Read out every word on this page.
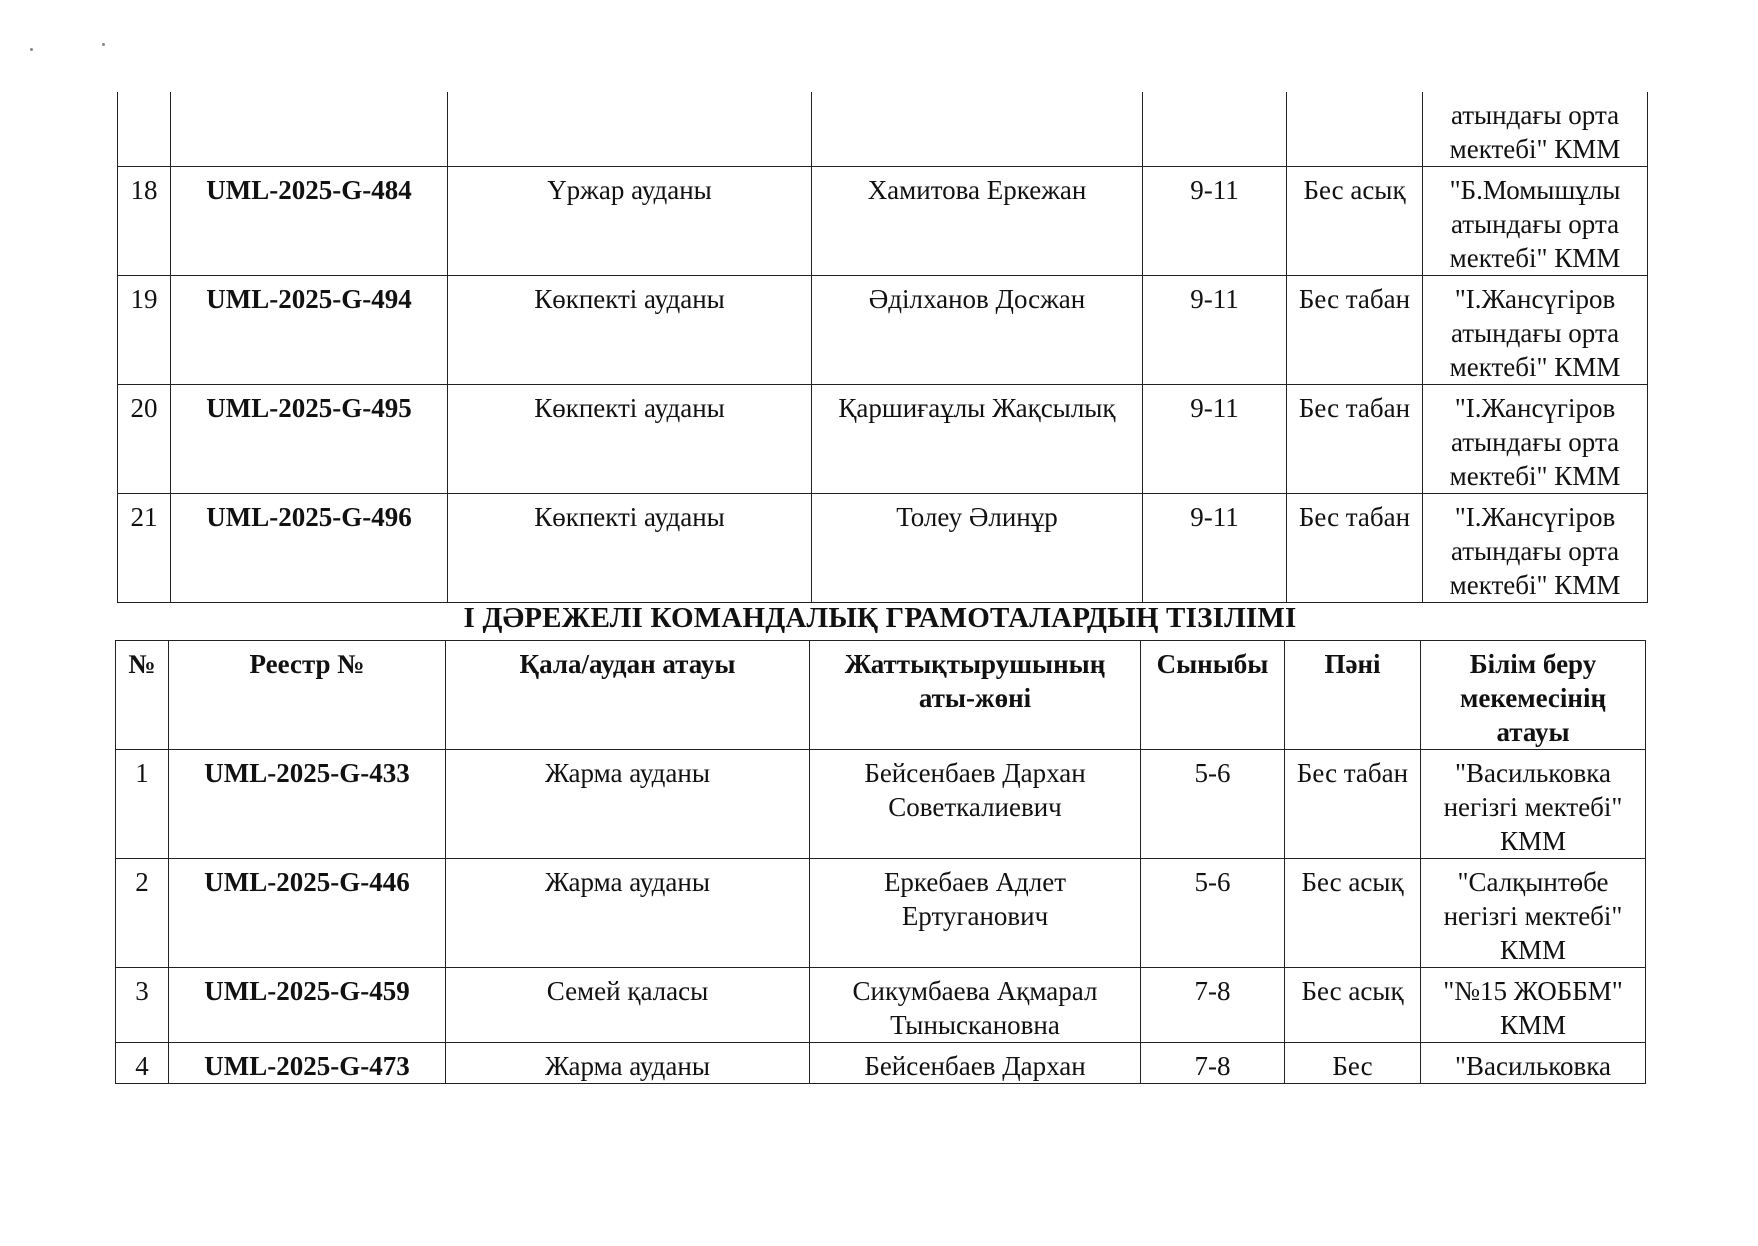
						атындағы орта мектебі" КММ
18	UML-2025-G-484	Үржар ауданы	Хамитова Еркежан	9-11	Бес асық	"Б.Момышұлы атындағы орта мектебі" КММ
19	UML-2025-G-494	Көкпекті ауданы	Әділханов Досжан	9-11	Бес табан	"І.Жансүгіров атындағы орта мектебі" КММ
20	UML-2025-G-495	Көкпекті ауданы	Қаршиғаұлы Жақсылық	9-11	Бес табан	"І.Жансүгіров атындағы орта мектебі" КММ
21	UML-2025-G-496	Көкпекті ауданы	Толеу Әлинұр	9-11	Бес табан	"І.Жансүгіров атындағы орта мектебі" КММ
І ДӘРЕЖЕЛІ КОМАНДАЛЫҚ ГРАМОТАЛАРДЫҢ ТІЗІЛІМІ
№	Реестр №	Қала/аудан атауы	Жаттықтырушының аты-жөні	Сыныбы	Пәні	Білім беру мекемесінің атауы
1	UML-2025-G-433	Жарма ауданы	Бейсенбаев Дархан Советкалиевич	5-6	Бес табан	"Васильковка негізгі мектебі" КММ
2	UML-2025-G-446	Жарма ауданы	Еркебаев Адлет Ертуганович	5-6	Бес асық	"Салқынтөбе негізгі мектебі" КММ
3	UML-2025-G-459	Семей қаласы	Сикумбаева Ақмарал Тыныскановна	7-8	Бес асық	"№15 ЖОББМ" КММ
4	UML-2025-G-473	Жарма ауданы	Бейсенбаев Дархан	7-8	Бес	"Васильковка
